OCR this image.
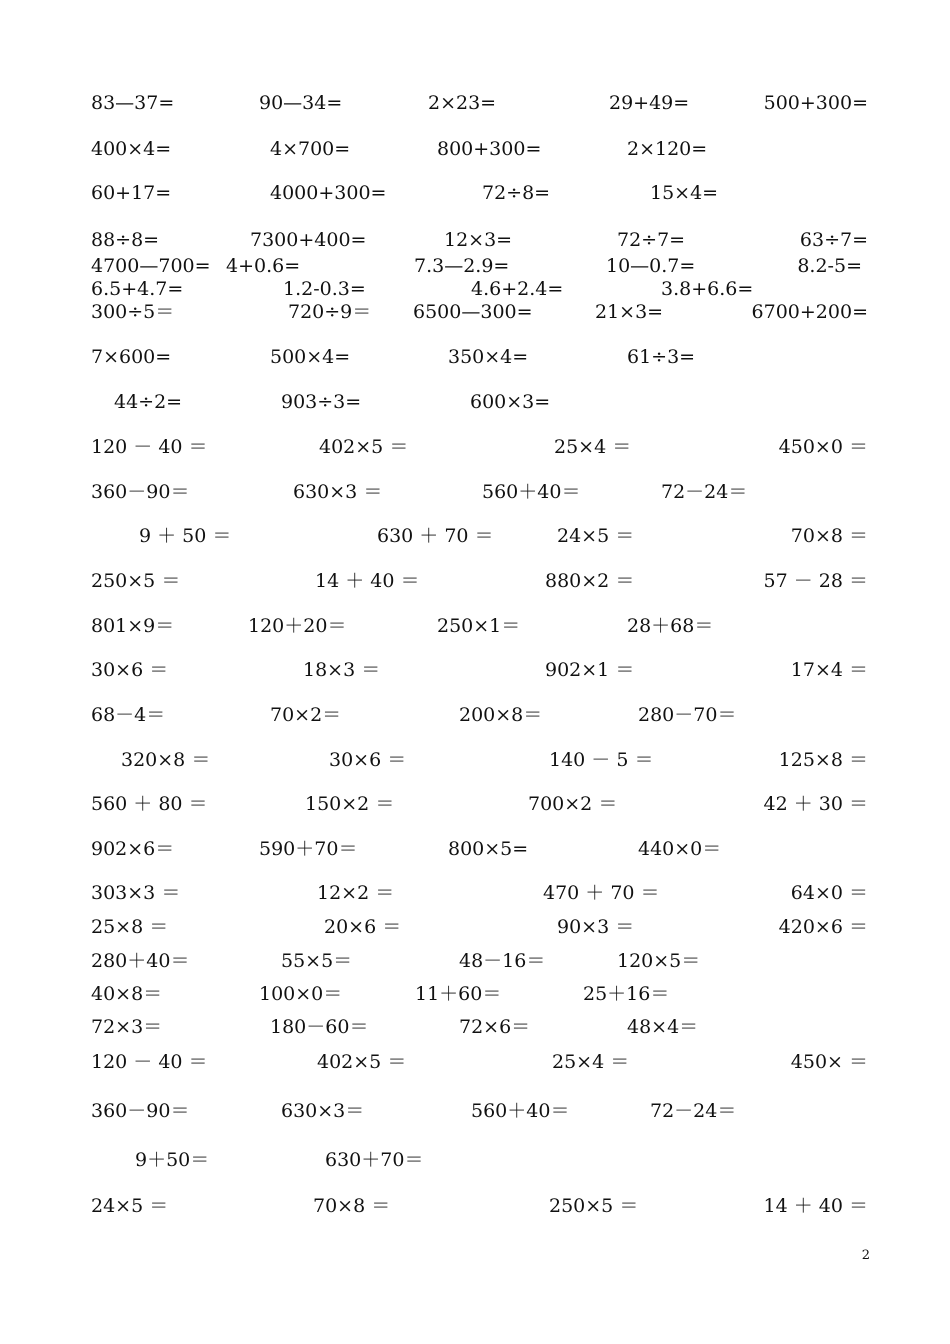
83—37=	90—34=	2×23=	29+49=	500+300=
400×4=	4×700=	800+300=	2×120=
60+17=	4000+300=	72÷8=	15×4=
88÷8=	7300+400=	12×3=	72÷7=	63÷7=
4700—700= 4+0.6=	7.3—2.9=	10—0.7=	8.2-5=
6.5+4.7=	1.2-0.3=	4.6+2.4=	3.8+6.6=
300÷5＝	720÷9＝ 6500—300=	21×3=	6700+200=
7×600=	500×4=	350×4=	61÷3=
44÷2=	903÷3=	600×3=
120 － 40 ＝	402×5 ＝	25×4 ＝	450×0 ＝
360－90＝	630×3 ＝	560＋40＝	72－24＝
9 ＋ 50 ＝	630 ＋ 70 ＝	24×5 ＝	70×8 ＝
250×5 ＝	14 ＋ 40 ＝	880×2 ＝	57 － 28 ＝
801×9＝	120＋20＝	250×1＝	28＋68＝
30×6 ＝	18×3 ＝	902×1 ＝	17×4 ＝
68－4＝	70×2＝	200×8＝	280－70＝
320×8 ＝	30×6 ＝	140 － 5 ＝	125×8 ＝
560 ＋ 80 ＝	150×2 ＝	700×2 ＝	42 ＋ 30 ＝
902×6＝	590＋70＝	800×5=	440×0＝
303×3 ＝	12×2 ＝	470 ＋ 70 ＝	64×0 ＝
25×8 ＝	20×6 ＝	90×3 ＝	420×6 ＝
280＋40＝	55×5＝	48－16＝	120×5＝
40×8＝	100×0＝	11＋60＝	25＋16＝
72×3＝	180－60＝	72×6＝	48×4＝
120 － 40 ＝	402×5 ＝	25×4 ＝	450× ＝
360－90＝	630×3＝	560＋40＝	72－24＝
9＋50＝	630＋70＝
24×5 ＝	70×8 ＝	250×5 ＝	14 ＋ 40 ＝
2
